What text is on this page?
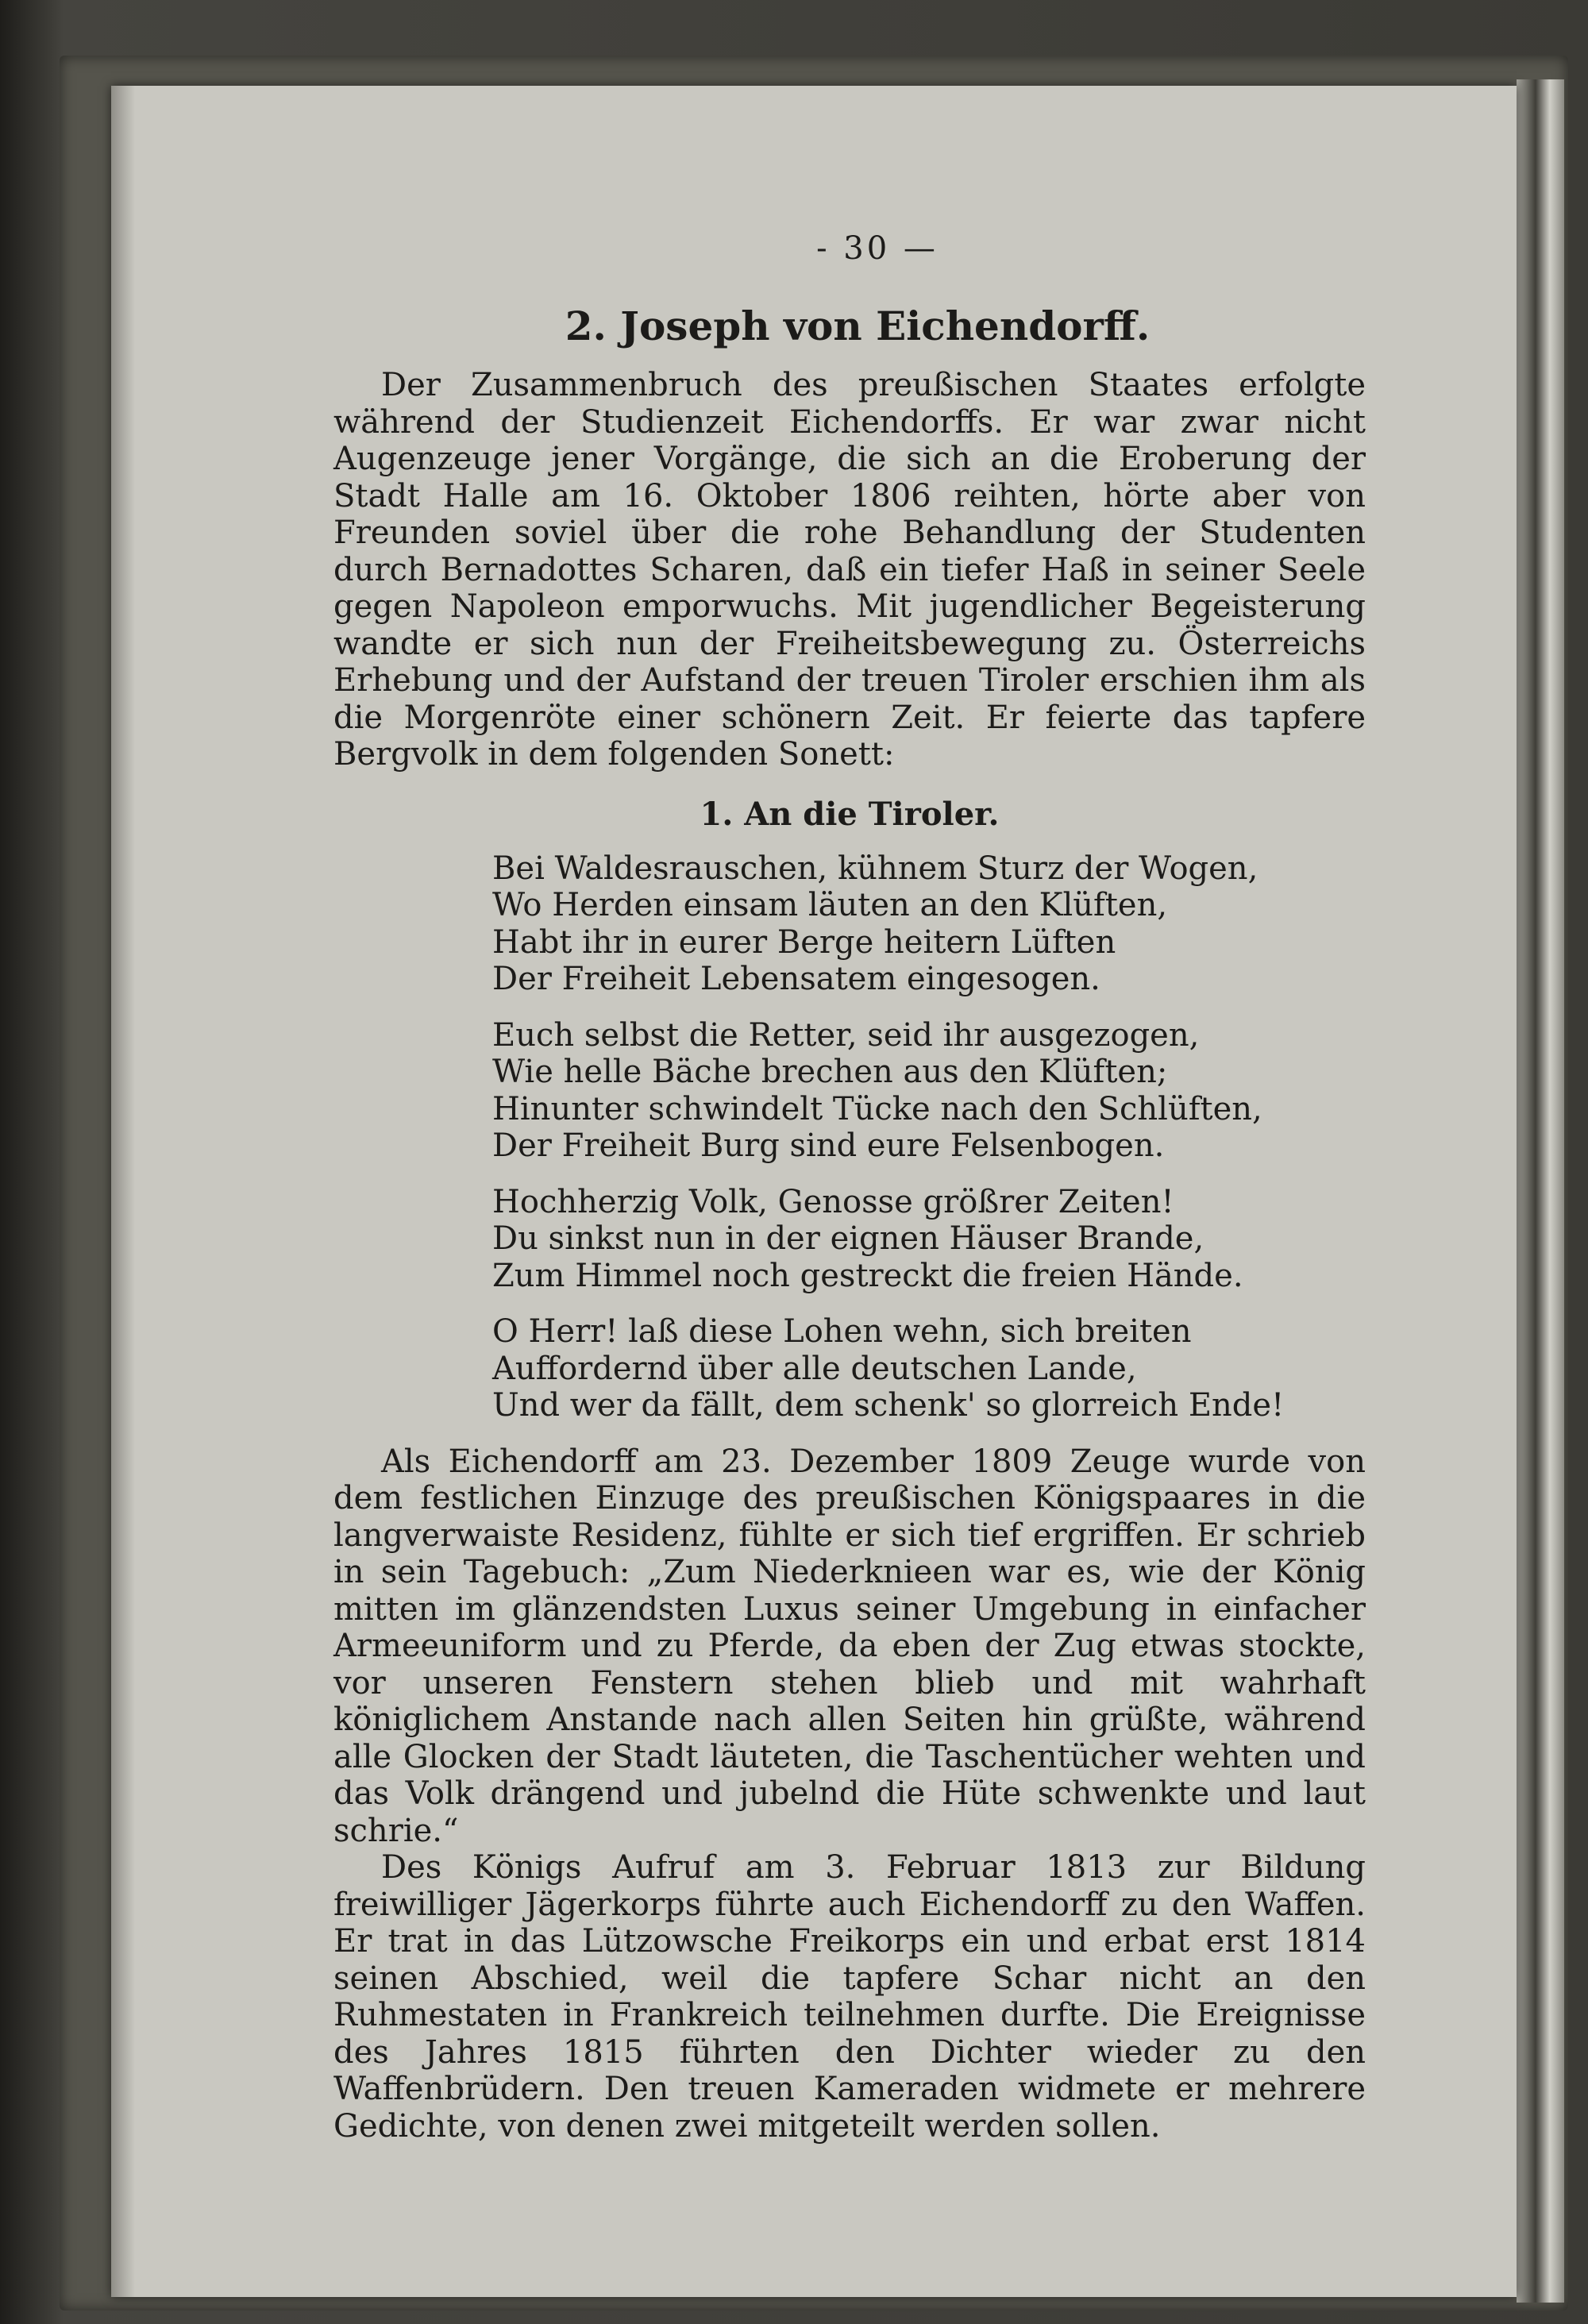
- 30 —
2. Joseph von Eichendorff.

Der Zusammenbruch des preußischen Staates erfolgte während der Studienzeit Eichendorffs. Er war zwar nicht Augenzeuge jener Vorgänge, die sich an die Eroberung der Stadt Halle am 16. Oktober 1806 reihten, hörte aber von Freunden soviel über die rohe Behandlung der Studenten durch Bernadottes Scharen, daß ein tiefer Haß in seiner Seele gegen Napoleon emporwuchs. Mit jugendlicher Begeisterung wandte er sich nun der Freiheitsbewegung zu. Österreichs Erhebung und der Aufstand der treuen Tiroler erschien ihm als die Morgenröte einer schönern Zeit. Er feierte das tapfere Bergvolk in dem folgenden Sonett:

1. An die Tiroler.
Bei Waldesrauschen, kühnem Sturz der Wogen,
Wo Herden einsam läuten an den Klüften,
Habt ihr in eurer Berge heitern Lüften
Der Freiheit Lebensatem eingesogen.
Euch selbst die Retter, seid ihr ausgezogen,
Wie helle Bäche brechen aus den Klüften;
Hinunter schwindelt Tücke nach den Schlüften,
Der Freiheit Burg sind eure Felsenbogen.
Hochherzig Volk, Genosse größrer Zeiten!
Du sinkst nun in der eignen Häuser Brande,
Zum Himmel noch gestreckt die freien Hände.
O Herr! laß diese Lohen wehn, sich breiten
Auffordernd über alle deutschen Lande,
Und wer da fällt, dem schenk' so glorreich Ende!

Als Eichendorff am 23. Dezember 1809 Zeuge wurde von dem festlichen Einzuge des preußischen Königspaares in die langverwaiste Residenz, fühlte er sich tief ergriffen. Er schrieb in sein Tagebuch: „Zum Niederknieen war es, wie der König mitten im glänzendsten Luxus seiner Umgebung in einfacher Armeeuniform und zu Pferde, da eben der Zug etwas stockte, vor unseren Fenstern stehen blieb und mit wahrhaft königlichem Anstande nach allen Seiten hin grüßte, während alle Glocken der Stadt läuteten, die Taschentücher wehten und das Volk drängend und jubelnd die Hüte schwenkte und laut schrie.“

Des Königs Aufruf am 3. Februar 1813 zur Bildung freiwilliger Jägerkorps führte auch Eichendorff zu den Waffen. Er trat in das Lützowsche Freikorps ein und erbat erst 1814 seinen Abschied, weil die tapfere Schar nicht an den Ruhmestaten in Frankreich teilnehmen durfte. Die Ereignisse des Jahres 1815 führten den Dichter wieder zu den Waffenbrüdern. Den treuen Kameraden widmete er mehrere Gedichte, von denen zwei mitgeteilt werden sollen.
